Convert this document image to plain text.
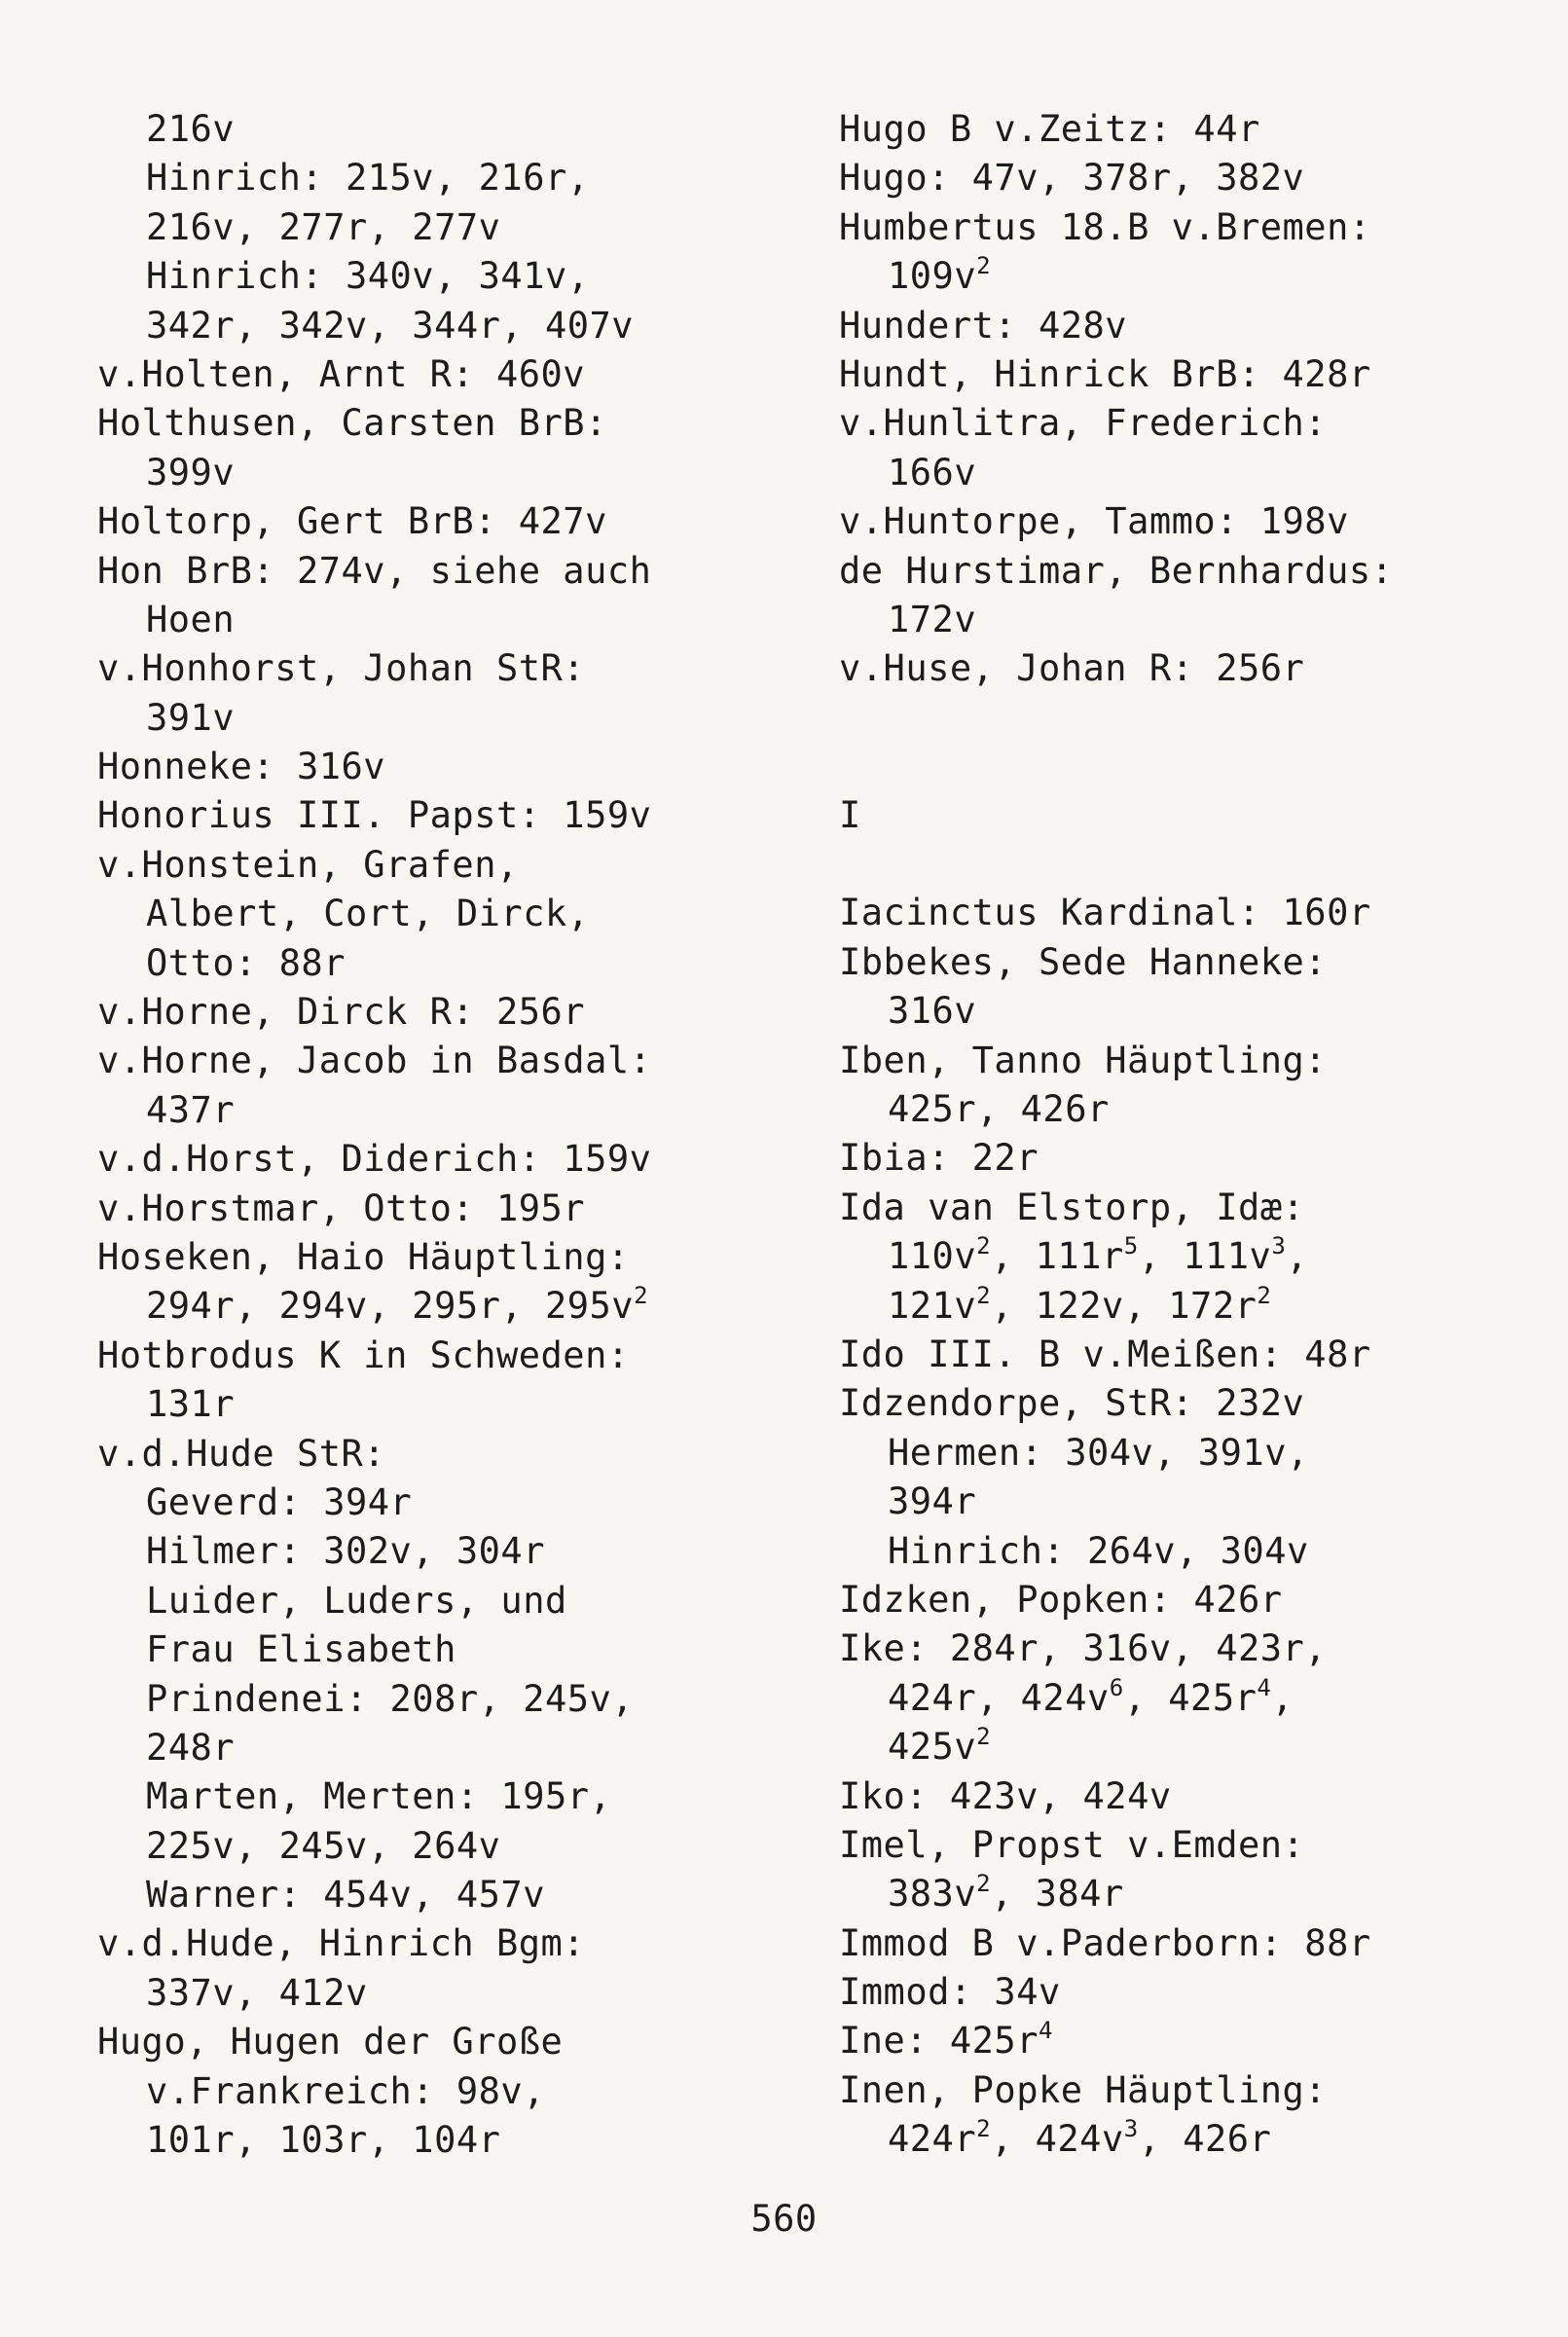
216v
Hinrich: 215v, 216r,
216v, 277r, 277v
Hinrich: 340v, 341v,
342r, 342v, 344r, 407v
v.Holten, Arnt R: 460v
Holthusen, Carsten BrB:
399v
Holtorp, Gert BrB: 427v
Hon BrB: 274v, siehe auch
Hoen
v.Honhorst, Johan StR:
391v
Honneke: 316v
Honorius III. Papst: 159v
v.Honstein, Grafen,
Albert, Cort, Dirck,
Otto: 88r
v.Horne, Dirck R: 256r
v.Horne, Jacob in Basdal:
437r
v.d.Horst, Diderich: 159v
v.Horstmar, Otto: 195r
Hoseken, Haio Häuptling:
294r, 294v, 295r, $295v^2$
Hotbrodus K in Schweden:
131r
v.d.Hude StR:
Geverd: 394r
Hilmer: 302v, 304r
Luider, Luders, und
Frau Elisabeth
Prindenei: 208r, 245v,
248r
Marten, Merten: 195r,
225v, 245v, 264v
Warner: 454v, 457v
v.d.Hude, Hinrich Bgm:
337v, 412v
Hugo, Hugen der Große
v.Frankreich: 98v,
101r, 103r, 104r
Hugo B v.Zeitz: 44r
Hugo: 47v, 378r, 382v
Humbertus 18.B v.Bremen:
$109v^2$
Hundert: 428v
Hundt, Hinrick BrB: 428r
v.Hunlitra, Frederich:
166v
v.Huntorpe, Tammo: 198v
de Hurstimar, Bernhardus:
172v
v.Huse, Johan R: 256r
I
Iacinctus Kardinal: 160r
Ibbekes, Sede Hanneke:
316v
Iben, Tanno Häuptling:
425r, 426r
Ibia: 22r
Ida van Elstorp, Idæ:
$110v^2$, $111r^5$, $111v^3$,
$121v^2$, 122v, $172r^2$
Ido III. B v.Meißen: 48r
Idzendorpe, StR: 232v
Hermen: 304v, 391v,
394r
Hinrich: 264v, 304v
Idzken, Popken: 426r
Ike: 284r, 316v, 423r,
424r, $424v^6$, $425r^4$,
$425v^2$
Iko: 423v, 424v
Imel, Propst v.Emden:
$383v^2$, 384r
Immod B v.Paderborn: 88r
Immod: 34v
Ine: $425r^4$
Inen, Popke Häuptling:
$424r^2$, $424v^3$, 426r
560
